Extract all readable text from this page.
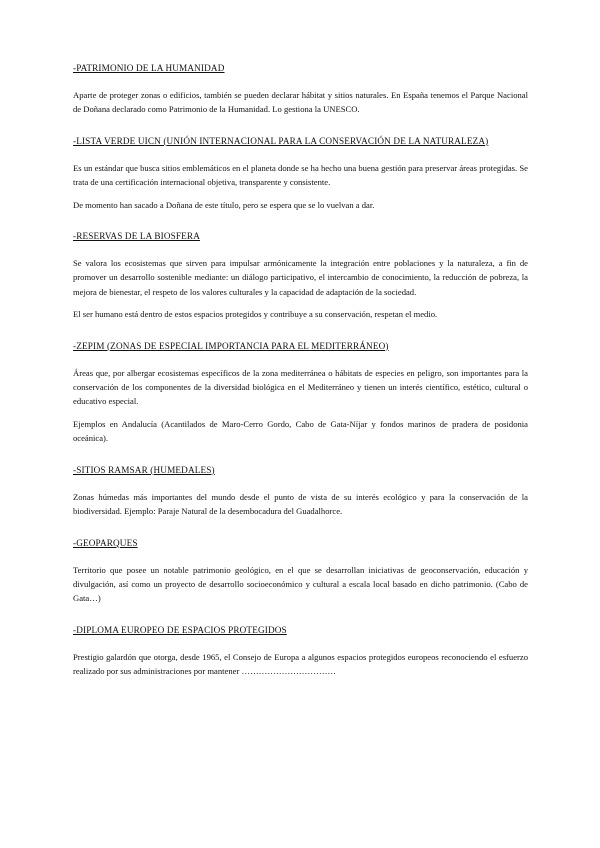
-PATRIMONIO DE LA HUMANIDAD

Aparte de proteger zonas o edificios, también se pueden declarar hábitat y sitios naturales. En España tenemos el Parque Nacional de Doñana declarado como Patrimonio de la Humanidad. Lo gestiona la UNESCO.

-LISTA VERDE UICN (UNIÓN INTERNACIONAL PARA LA CONSERVACIÓN DE LA NATURALEZA)

Es un estándar que busca sitios emblemáticos en el planeta donde se ha hecho una buena gestión para preservar áreas protegidas. Se trata de una certificación internacional objetiva, transparente y consistente.

De momento han sacado a Doñana de este título, pero se espera que se lo vuelvan a dar.

-RESERVAS DE LA BIOSFERA

Se valora los ecosistemas que sirven para impulsar armónicamente la integración entre poblaciones y la naturaleza, a fin de promover un desarrollo sostenible mediante: un diálogo participativo, el intercambio de conocimiento, la reducción de pobreza, la mejora de bienestar, el respeto de los valores culturales y la capacidad de adaptación de la sociedad.

El ser humano está dentro de estos espacios protegidos y contribuye a su conservación, respetan el medio.

-ZEPIM (ZONAS DE ESPECIAL IMPORTANCIA PARA EL MEDITERRÁNEO)

Áreas que, por albergar ecosistemas específicos de la zona mediterránea o hábitats de especies en peligro, son importantes para la conservación de los componentes de la diversidad biológica en el Mediterráneo y tienen un interés científico, estético, cultural o educativo especial.

Ejemplos en Andalucía (Acantilados de Maro-Cerro Gordo, Cabo de Gata-Níjar y fondos marinos de pradera de posidonia oceánica).

-SITIOS RAMSAR (HUMEDALES)

Zonas húmedas más importantes del mundo desde el punto de vista de su interés ecológico y para la conservación de la biodiversidad. Ejemplo: Paraje Natural de la desembocadura del Guadalhorce.

-GEOPARQUES

Territorio que posee un notable patrimonio geológico, en el que se desarrollan iniciativas de geoconservación, educación y divulgación, así como un proyecto de desarrollo socioeconómico y cultural a escala local basado en dicho patrimonio. (Cabo de Gata…)

-DIPLOMA EUROPEO DE ESPACIOS PROTEGIDOS

Prestigio galardón que otorga, desde 1965, el Consejo de Europa a algunos espacios protegidos europeos reconociendo el esfuerzo realizado por sus administraciones por mantener ……………………………
